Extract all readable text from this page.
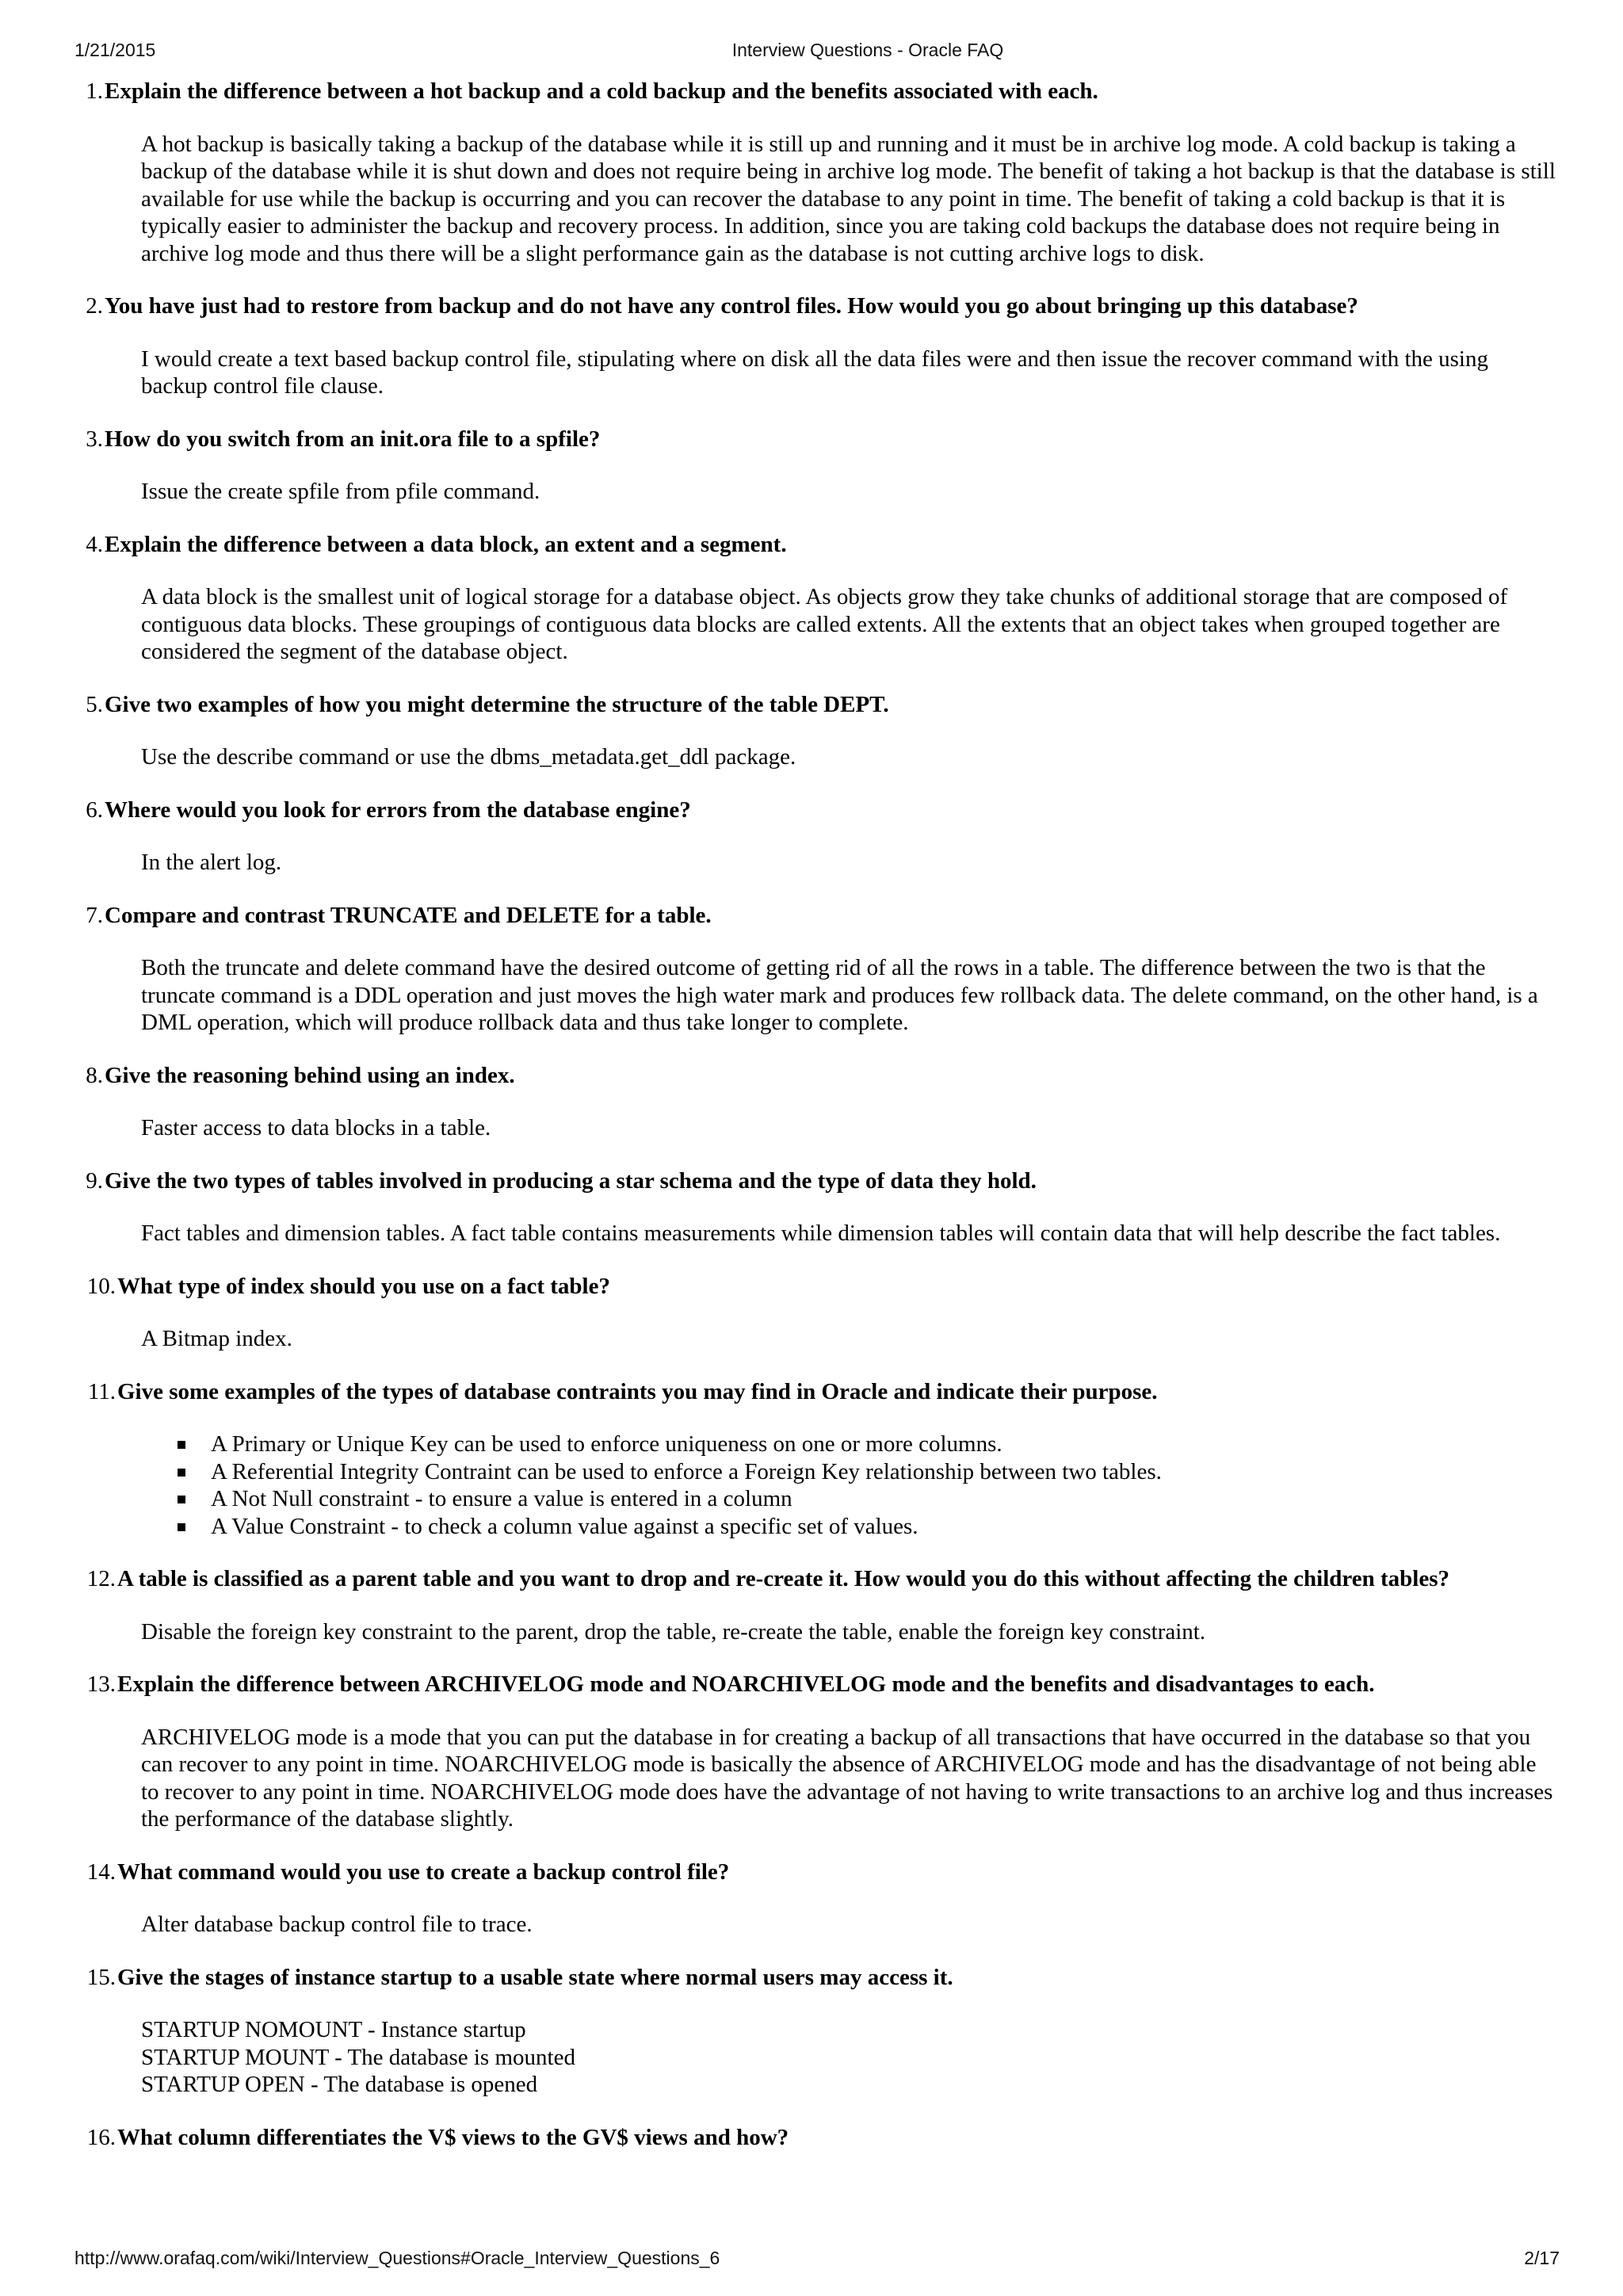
1/21/2015	Interview Questions - Oracle FAQ
1. Explain the difference between a hot backup and a cold backup and the benefits associated with each.
A hot backup is basically taking a backup of the database while it is still up and running and it must be in archive log mode. A cold backup is taking a backup of the database while it is shut down and does not require being in archive log mode. The benefit of taking a hot backup is that the database is still available for use while the backup is occurring and you can recover the database to any point in time. The benefit of taking a cold backup is that it is typically easier to administer the backup and recovery process. In addition, since you are taking cold backups the database does not require being in archive log mode and thus there will be a slight performance gain as the database is not cutting archive logs to disk.
2. You have just had to restore from backup and do not have any control files. How would you go about bringing up this database?
I would create a text based backup control file, stipulating where on disk all the data files were and then issue the recover command with the using backup control file clause.
3. How do you switch from an init.ora file to a spfile?
Issue the create spfile from pfile command.
4. Explain the difference between a data block, an extent and a segment.
A data block is the smallest unit of logical storage for a database object. As objects grow they take chunks of additional storage that are composed of contiguous data blocks. These groupings of contiguous data blocks are called extents. All the extents that an object takes when grouped together are considered the segment of the database object.
5. Give two examples of how you might determine the structure of the table DEPT.
Use the describe command or use the dbms_metadata.get_ddl package.
6. Where would you look for errors from the database engine?
In the alert log.
7. Compare and contrast TRUNCATE and DELETE for a table.
Both the truncate and delete command have the desired outcome of getting rid of all the rows in a table. The difference between the two is that the truncate command is a DDL operation and just moves the high water mark and produces few rollback data. The delete command, on the other hand, is a DML operation, which will produce rollback data and thus take longer to complete.
8. Give the reasoning behind using an index.
Faster access to data blocks in a table.
9. Give the two types of tables involved in producing a star schema and the type of data they hold.
Fact tables and dimension tables. A fact table contains measurements while dimension tables will contain data that will help describe the fact tables.
10. What type of index should you use on a fact table?
A Bitmap index.
11. Give some examples of the types of database contraints you may find in Oracle and indicate their purpose.
A Primary or Unique Key can be used to enforce uniqueness on one or more columns.
A Referential Integrity Contraint can be used to enforce a Foreign Key relationship between two tables.
A Not Null constraint - to ensure a value is entered in a column
A Value Constraint - to check a column value against a specific set of values.
12. A table is classified as a parent table and you want to drop and re-create it. How would you do this without affecting the children tables?
Disable the foreign key constraint to the parent, drop the table, re-create the table, enable the foreign key constraint.
13. Explain the difference between ARCHIVELOG mode and NOARCHIVELOG mode and the benefits and disadvantages to each.
ARCHIVELOG mode is a mode that you can put the database in for creating a backup of all transactions that have occurred in the database so that you can recover to any point in time. NOARCHIVELOG mode is basically the absence of ARCHIVELOG mode and has the disadvantage of not being able to recover to any point in time. NOARCHIVELOG mode does have the advantage of not having to write transactions to an archive log and thus increases the performance of the database slightly.
14. What command would you use to create a backup control file?
Alter database backup control file to trace.
15. Give the stages of instance startup to a usable state where normal users may access it.
STARTUP NOMOUNT - Instance startup
STARTUP MOUNT - The database is mounted
STARTUP OPEN - The database is opened
16. What column differentiates the V$ views to the GV$ views and how?
http://www.orafaq.com/wiki/Interview_Questions#Oracle_Interview_Questions_6	2/17
